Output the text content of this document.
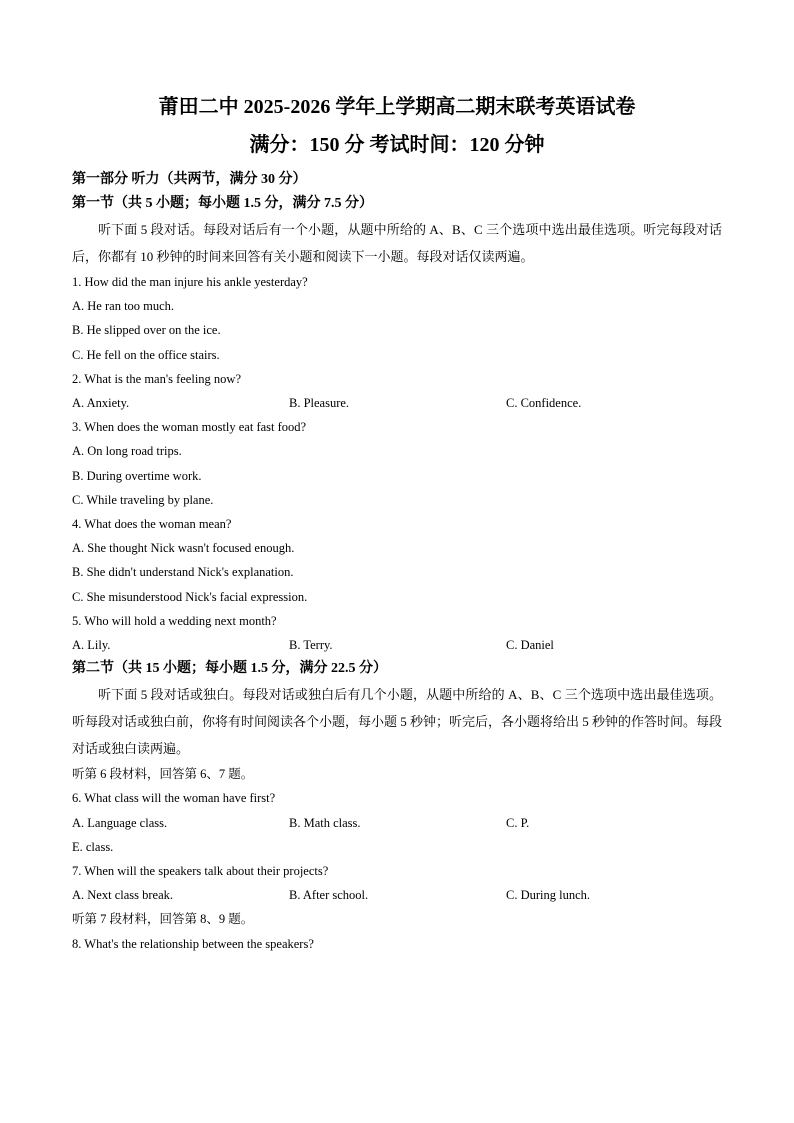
莆田二中 2025-2026 学年上学期高二期末联考英语试卷

满分：150 分 考试时间：120 分钟

第一部分 听力（共两节，满分 30 分）

第一节（共 5 小题；每小题 1.5 分，满分 7.5 分）

听下面 5 段对话。每段对话后有一个小题，从题中所给的 A、B、C 三个选项中选出最佳选项。听完每段对话后，你都有 10 秒钟的时间来回答有关小题和阅读下一小题。每段对话仅读两遍。

1. How did the man injure his ankle yesterday?

A. He ran too much.

B. He slipped over on the ice.

C. He fell on the office stairs.

2. What is the man's feeling now?

A. Anxiety.	B. Pleasure.	C. Confidence.

3. When does the woman mostly eat fast food?

A. On long road trips.

B. During overtime work.

C. While traveling by plane.

4. What does the woman mean?

A. She thought Nick wasn't focused enough.

B. She didn't understand Nick's explanation.

C. She misunderstood Nick's facial expression.

5. Who will hold a wedding next month?

A. Lily.	B. Terry.	C. Daniel

第二节（共 15 小题；每小题 1.5 分，满分 22.5 分）

听下面 5 段对话或独白。每段对话或独白后有几个小题，从题中所给的 A、B、C 三个选项中选出最佳选项。听每段对话或独白前，你将有时间阅读各个小题，每小题 5 秒钟；听完后，各小题将给出 5 秒钟的作答时间。每段对话或独白读两遍。

听第 6 段材料，回答第 6、7 题。

6. What class will the woman have first?

A. Language class.	B. Math class.	C. P.

E. class.

7. When will the speakers talk about their projects?

A. Next class break.	B. After school.	C. During lunch.

听第 7 段材料，回答第 8、9 题。

8. What's the relationship between the speakers?
